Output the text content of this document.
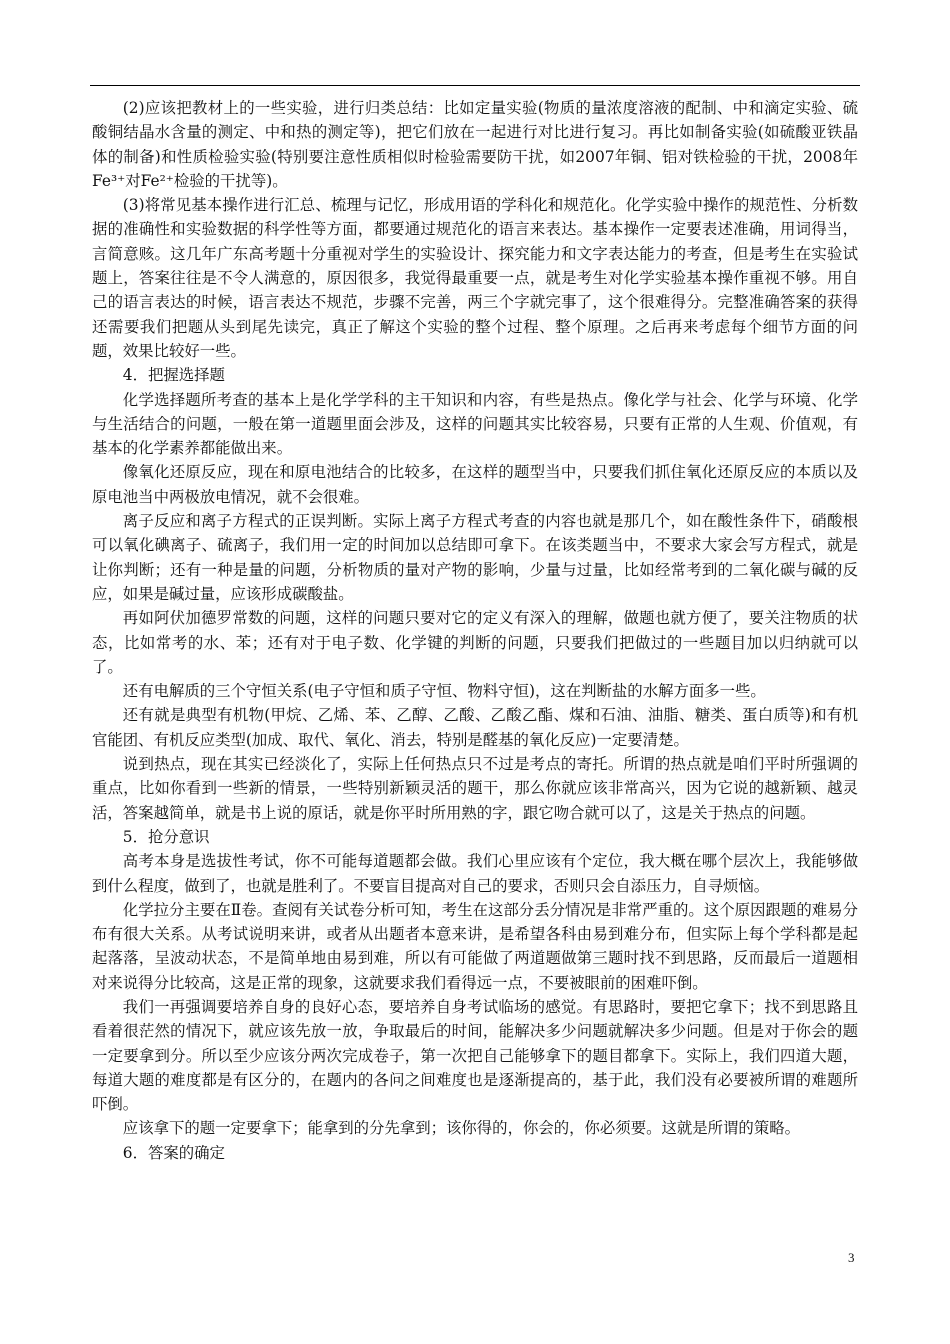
(2)应该把教材上的一些实验，进行归类总结：比如定量实验(物质的量浓度溶液的配制、中和滴定实验、硫酸铜结晶水含量的测定、中和热的测定等)，把它们放在一起进行对比进行复习。再比如制备实验(如硫酸亚铁晶体的制备)和性质检验实验(特别要注意性质相似时检验需要防干扰，如2007年铜、铝对铁检验的干扰，2008年Fe³⁺对Fe²⁺检验的干扰等)。

(3)将常见基本操作进行汇总、梳理与记忆，形成用语的学科化和规范化。化学实验中操作的规范性、分析数据的准确性和实验数据的科学性等方面，都要通过规范化的语言来表达。基本操作一定要表述准确，用词得当，言简意赅。这几年广东高考题十分重视对学生的实验设计、探究能力和文字表达能力的考查，但是考生在实验试题上，答案往往是不令人满意的，原因很多，我觉得最重要一点，就是考生对化学实验基本操作重视不够。用自己的语言表达的时候，语言表达不规范，步骤不完善，两三个字就完事了，这个很难得分。完整准确答案的获得还需要我们把题从头到尾先读完，真正了解这个实验的整个过程、整个原理。之后再来考虑每个细节方面的问题，效果比较好一些。

4．把握选择题

化学选择题所考查的基本上是化学学科的主干知识和内容，有些是热点。像化学与社会、化学与环境、化学与生活结合的问题，一般在第一道题里面会涉及，这样的问题其实比较容易，只要有正常的人生观、价值观，有基本的化学素养都能做出来。

像氧化还原反应，现在和原电池结合的比较多，在这样的题型当中，只要我们抓住氧化还原反应的本质以及原电池当中两极放电情况，就不会很难。

离子反应和离子方程式的正误判断。实际上离子方程式考查的内容也就是那几个，如在酸性条件下，硝酸根可以氧化碘离子、硫离子，我们用一定的时间加以总结即可拿下。在该类题当中，不要求大家会写方程式，就是让你判断；还有一种是量的问题，分析物质的量对产物的影响，少量与过量，比如经常考到的二氧化碳与碱的反应，如果是碱过量，应该形成碳酸盐。

再如阿伏加德罗常数的问题，这样的问题只要对它的定义有深入的理解，做题也就方便了，要关注物质的状态，比如常考的水、苯；还有对于电子数、化学键的判断的问题，只要我们把做过的一些题目加以归纳就可以了。

还有电解质的三个守恒关系(电子守恒和质子守恒、物料守恒)，这在判断盐的水解方面多一些。

还有就是典型有机物(甲烷、乙烯、苯、乙醇、乙酸、乙酸乙酯、煤和石油、油脂、糖类、蛋白质等)和有机官能团、有机反应类型(加成、取代、氧化、消去，特别是醛基的氧化反应)一定要清楚。

说到热点，现在其实已经淡化了，实际上任何热点只不过是考点的寄托。所谓的热点就是咱们平时所强调的重点，比如你看到一些新的情景，一些特别新颖灵活的题干，那么你就应该非常高兴，因为它说的越新颖、越灵活，答案越简单，就是书上说的原话，就是你平时所用熟的字，跟它吻合就可以了，这是关于热点的问题。

5．抢分意识

高考本身是选拔性考试，你不可能每道题都会做。我们心里应该有个定位，我大概在哪个层次上，我能够做到什么程度，做到了，也就是胜利了。不要盲目提高对自己的要求，否则只会自添压力，自寻烦恼。

化学拉分主要在Ⅱ卷。查阅有关试卷分析可知，考生在这部分丢分情况是非常严重的。这个原因跟题的难易分布有很大关系。从考试说明来讲，或者从出题者本意来讲，是希望各科由易到难分布，但实际上每个学科都是起起落落，呈波动状态，不是简单地由易到难，所以有可能做了两道题做第三题时找不到思路，反而最后一道题相对来说得分比较高，这是正常的现象，这就要求我们看得远一点，不要被眼前的困难吓倒。

我们一再强调要培养自身的良好心态，要培养自身考试临场的感觉。有思路时，要把它拿下；找不到思路且看着很茫然的情况下，就应该先放一放，争取最后的时间，能解决多少问题就解决多少问题。但是对于你会的题一定要拿到分。所以至少应该分两次完成卷子，第一次把自己能够拿下的题目都拿下。实际上，我们四道大题，每道大题的难度都是有区分的，在题内的各问之间难度也是逐渐提高的，基于此，我们没有必要被所谓的难题所吓倒。

应该拿下的题一定要拿下；能拿到的分先拿到；该你得的，你会的，你必须要。这就是所谓的策略。

6．答案的确定

3
